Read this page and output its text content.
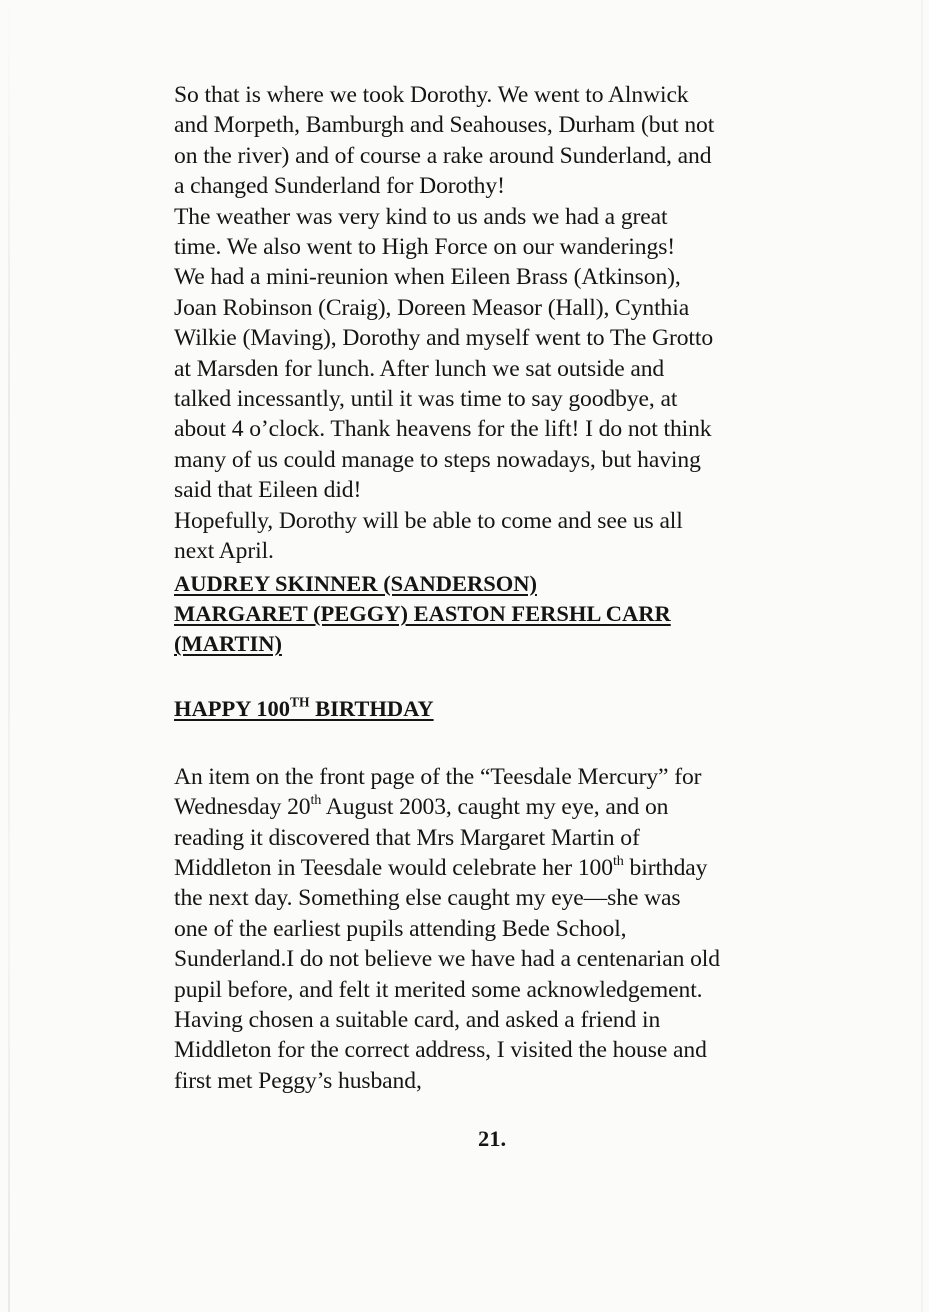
So that is where we took Dorothy. We went to Alnwick
and Morpeth, Bamburgh and Seahouses, Durham (but not
on the river) and of course a rake around Sunderland, and
a changed Sunderland for Dorothy!
The weather was very kind to us ands we had a great
time. We also went to High Force on our wanderings!
We had a mini-reunion when Eileen Brass (Atkinson),
Joan Robinson (Craig), Doreen Measor (Hall), Cynthia
Wilkie (Maving), Dorothy and myself went to The Grotto
at Marsden for lunch. After lunch we sat outside and
talked incessantly, until it was time to say goodbye, at
about 4 o’clock. Thank heavens for the lift! I do not think
many of us could manage to steps nowadays, but having
said that Eileen did!
Hopefully, Dorothy will be able to come and see us all
next April.
AUDREY SKINNER (SANDERSON)
MARGARET (PEGGY) EASTON FERSHL CARR
(MARTIN)
HAPPY 100TH BIRTHDAY
An item on the front page of the “Teesdale Mercury” for
Wednesday 20th August 2003, caught my eye, and on
reading it discovered that Mrs Margaret Martin of
Middleton in Teesdale would celebrate her 100th birthday
the next day. Something else caught my eye—she was
one of the earliest pupils attending Bede School,
Sunderland.I do not believe we have had a centenarian old
pupil before, and felt it merited some acknowledgement.
Having chosen a suitable card, and asked a friend in
Middleton for the correct address, I visited the house and
first met Peggy’s husband,
21.
